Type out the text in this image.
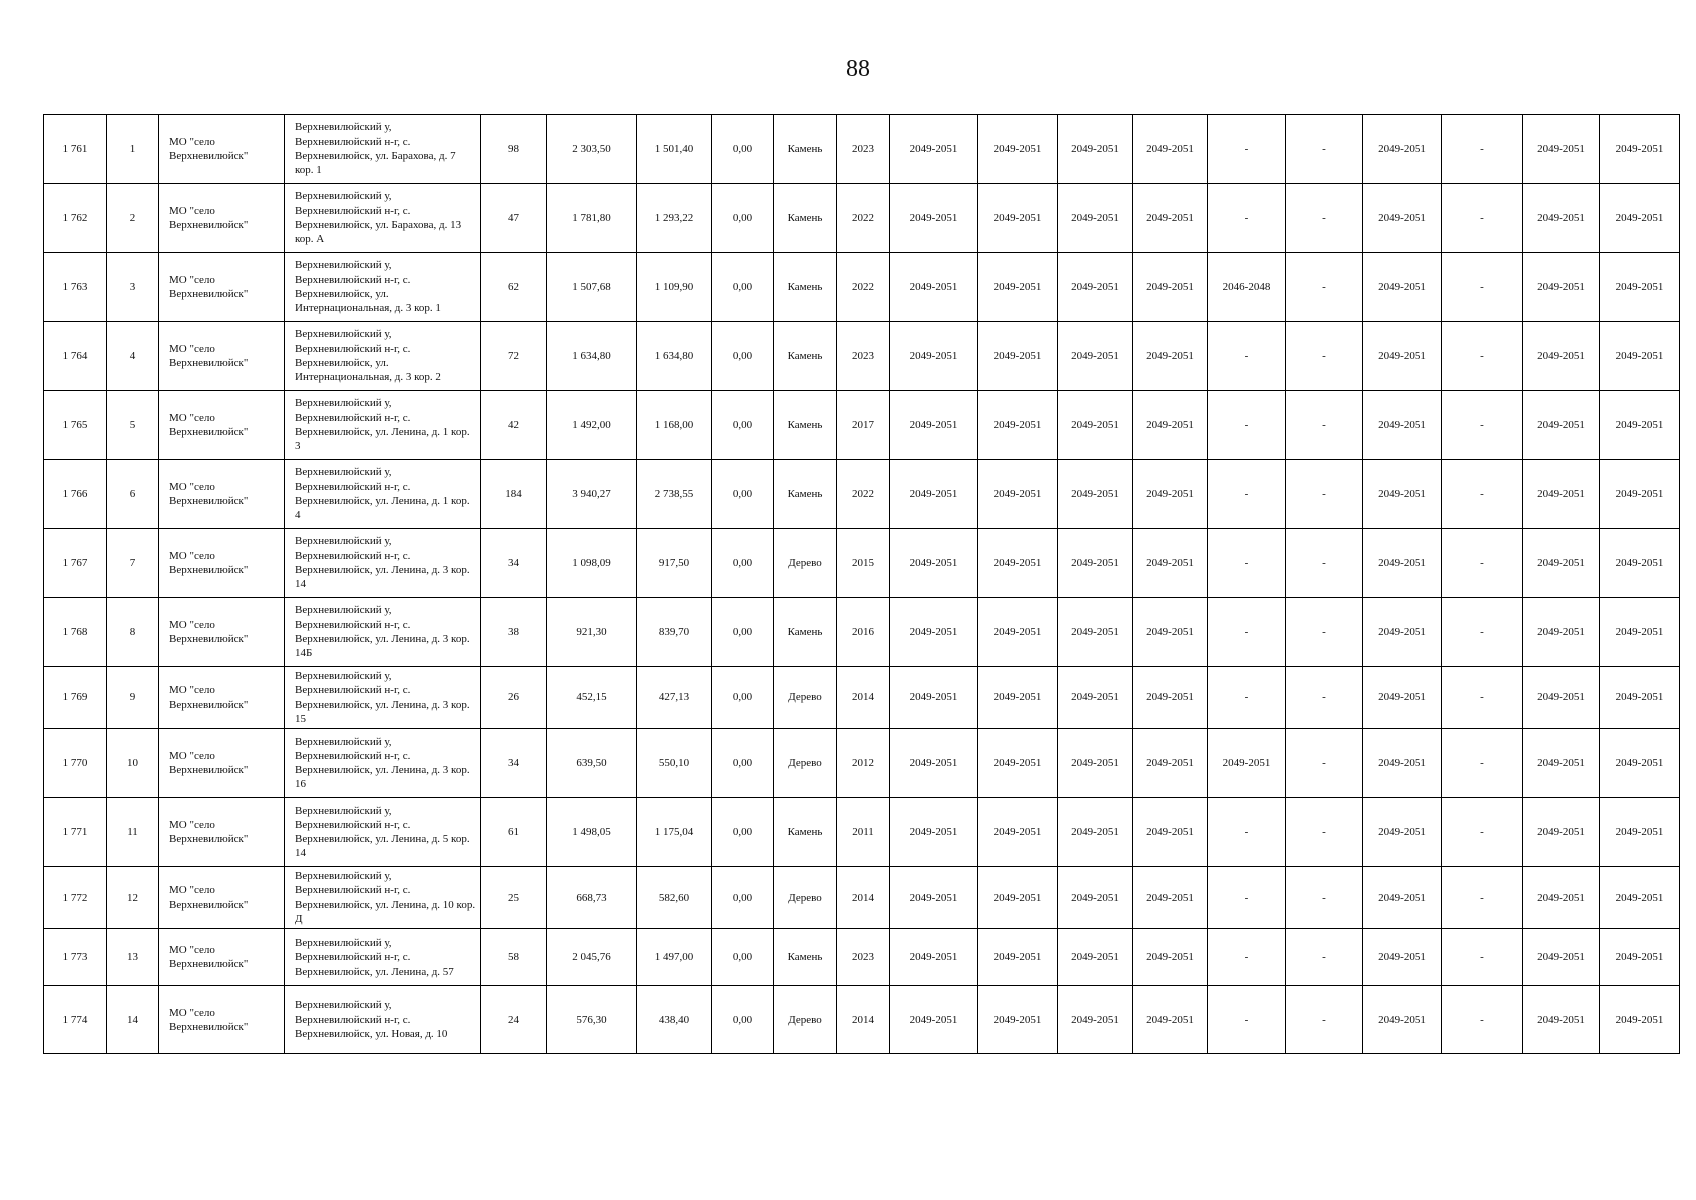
88
1 761	1	МО "село Верхневилюйск"	Верхневилюйский у, Верхневилюйский н-г, с. Верхневилюйск, ул. Барахова, д. 7 кор. 1	98	2 303,50	1 501,40	0,00	Камень	2023	2049-2051	2049-2051	2049-2051	2049-2051	-	-	2049-2051	-	2049-2051	2049-2051
1 762	2	МО "село Верхневилюйск"	Верхневилюйский у, Верхневилюйский н-г, с. Верхневилюйск, ул. Барахова, д. 13 кор. А	47	1 781,80	1 293,22	0,00	Камень	2022	2049-2051	2049-2051	2049-2051	2049-2051	-	-	2049-2051	-	2049-2051	2049-2051
1 763	3	МО "село Верхневилюйск"	Верхневилюйский у, Верхневилюйский н-г, с. Верхневилюйск, ул. Интернациональная, д. 3 кор. 1	62	1 507,68	1 109,90	0,00	Камень	2022	2049-2051	2049-2051	2049-2051	2049-2051	2046-2048	-	2049-2051	-	2049-2051	2049-2051
1 764	4	МО "село Верхневилюйск"	Верхневилюйский у, Верхневилюйский н-г, с. Верхневилюйск, ул. Интернациональная, д. 3 кор. 2	72	1 634,80	1 634,80	0,00	Камень	2023	2049-2051	2049-2051	2049-2051	2049-2051	-	-	2049-2051	-	2049-2051	2049-2051
1 765	5	МО "село Верхневилюйск"	Верхневилюйский у, Верхневилюйский н-г, с. Верхневилюйск, ул. Ленина, д. 1 кор. 3	42	1 492,00	1 168,00	0,00	Камень	2017	2049-2051	2049-2051	2049-2051	2049-2051	-	-	2049-2051	-	2049-2051	2049-2051
1 766	6	МО "село Верхневилюйск"	Верхневилюйский у, Верхневилюйский н-г, с. Верхневилюйск, ул. Ленина, д. 1 кор. 4	184	3 940,27	2 738,55	0,00	Камень	2022	2049-2051	2049-2051	2049-2051	2049-2051	-	-	2049-2051	-	2049-2051	2049-2051
1 767	7	МО "село Верхневилюйск"	Верхневилюйский у, Верхневилюйский н-г, с. Верхневилюйск, ул. Ленина, д. 3 кор. 14	34	1 098,09	917,50	0,00	Дерево	2015	2049-2051	2049-2051	2049-2051	2049-2051	-	-	2049-2051	-	2049-2051	2049-2051
1 768	8	МО "село Верхневилюйск"	Верхневилюйский у, Верхневилюйский н-г, с. Верхневилюйск, ул. Ленина, д. 3 кор. 14Б	38	921,30	839,70	0,00	Камень	2016	2049-2051	2049-2051	2049-2051	2049-2051	-	-	2049-2051	-	2049-2051	2049-2051
1 769	9	МО "село Верхневилюйск"	Верхневилюйский у, Верхневилюйский н-г, с. Верхневилюйск, ул. Ленина, д. 3 кор. 15	26	452,15	427,13	0,00	Дерево	2014	2049-2051	2049-2051	2049-2051	2049-2051	-	-	2049-2051	-	2049-2051	2049-2051
1 770	10	МО "село Верхневилюйск"	Верхневилюйский у, Верхневилюйский н-г, с. Верхневилюйск, ул. Ленина, д. 3 кор. 16	34	639,50	550,10	0,00	Дерево	2012	2049-2051	2049-2051	2049-2051	2049-2051	2049-2051	-	2049-2051	-	2049-2051	2049-2051
1 771	11	МО "село Верхневилюйск"	Верхневилюйский у, Верхневилюйский н-г, с. Верхневилюйск, ул. Ленина, д. 5 кор. 14	61	1 498,05	1 175,04	0,00	Камень	2011	2049-2051	2049-2051	2049-2051	2049-2051	-	-	2049-2051	-	2049-2051	2049-2051
1 772	12	МО "село Верхневилюйск"	Верхневилюйский у, Верхневилюйский н-г, с. Верхневилюйск, ул. Ленина, д. 10 кор. Д	25	668,73	582,60	0,00	Дерево	2014	2049-2051	2049-2051	2049-2051	2049-2051	-	-	2049-2051	-	2049-2051	2049-2051
1 773	13	МО "село Верхневилюйск"	Верхневилюйский у, Верхневилюйский н-г, с. Верхневилюйск, ул. Ленина, д. 57	58	2 045,76	1 497,00	0,00	Камень	2023	2049-2051	2049-2051	2049-2051	2049-2051	-	-	2049-2051	-	2049-2051	2049-2051
1 774	14	МО "село Верхневилюйск"	Верхневилюйский у, Верхневилюйский н-г, с. Верхневилюйск, ул. Новая, д. 10	24	576,30	438,40	0,00	Дерево	2014	2049-2051	2049-2051	2049-2051	2049-2051	-	-	2049-2051	-	2049-2051	2049-2051
